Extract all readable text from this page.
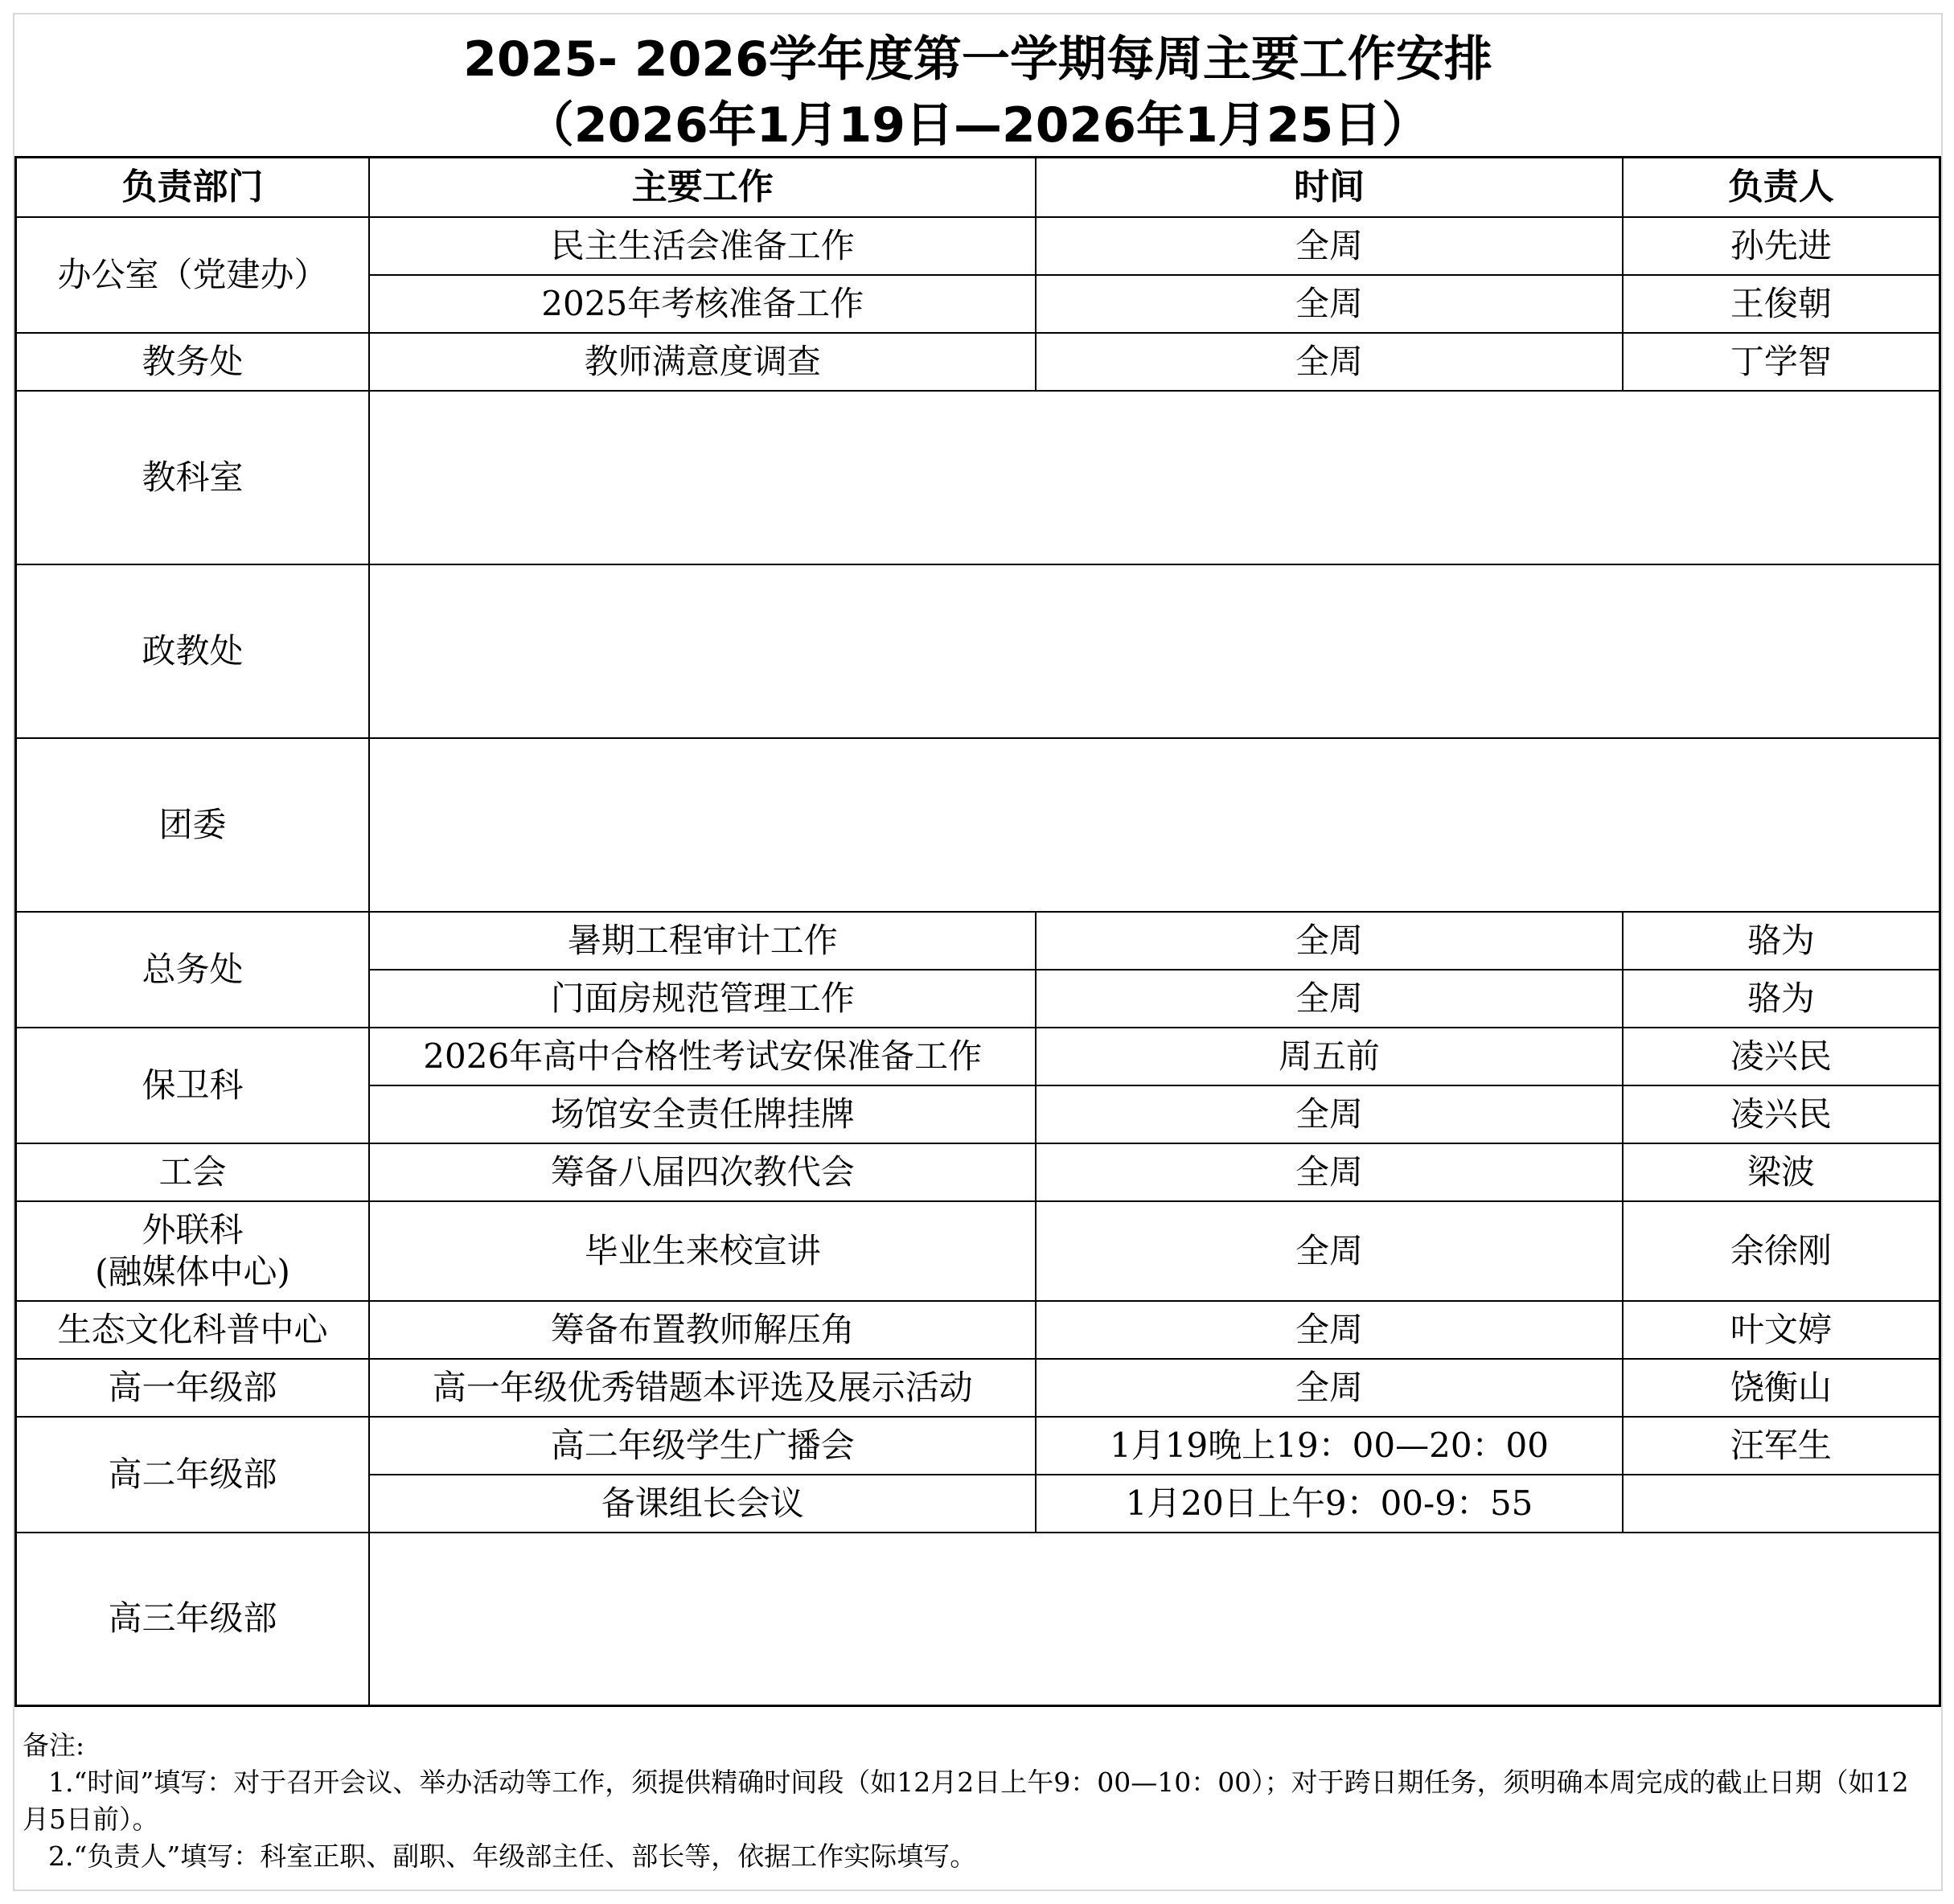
2025- 2026学年度第一学期每周主要工作安排
（2026年1月19日—2026年1月25日）
负责部门	主要工作	时间	负责人
办公室（党建办）	民主生活会准备工作	全周	孙先进
	2025年考核准备工作	全周	王俊朝
教务处	教师满意度调查	全周	丁学智
教科室			
政教处			
团委			
总务处	暑期工程审计工作	全周	骆为
	门面房规范管理工作	全周	骆为
保卫科	2026年高中合格性考试安保准备工作	周五前	凌兴民
	场馆安全责任牌挂牌	全周	凌兴民
工会	筹备八届四次教代会	全周	梁波

外联科
(融媒体中心)	毕业生来校宣讲	全周	余徐刚
生态文化科普中心	筹备布置教师解压角	全周	叶文婷
高一年级部	高一年级优秀错题本评选及展示活动	全周	饶衡山
高二年级部	高二年级学生广播会	1月19晚上19：00—20：00	汪军生
	备课组长会议	1月20日上午9：00-9：55	
高三年级部			
备注:
1.“时间”填写：对于召开会议、举办活动等工作，须提供精确时间段（如12月2日上午9：00—10：00）；对于跨日期任务，须明确本周完成的截止日期（如12月5日前）。
2.“负责人”填写：科室正职、副职、年级部主任、部长等，依据工作实际填写。
